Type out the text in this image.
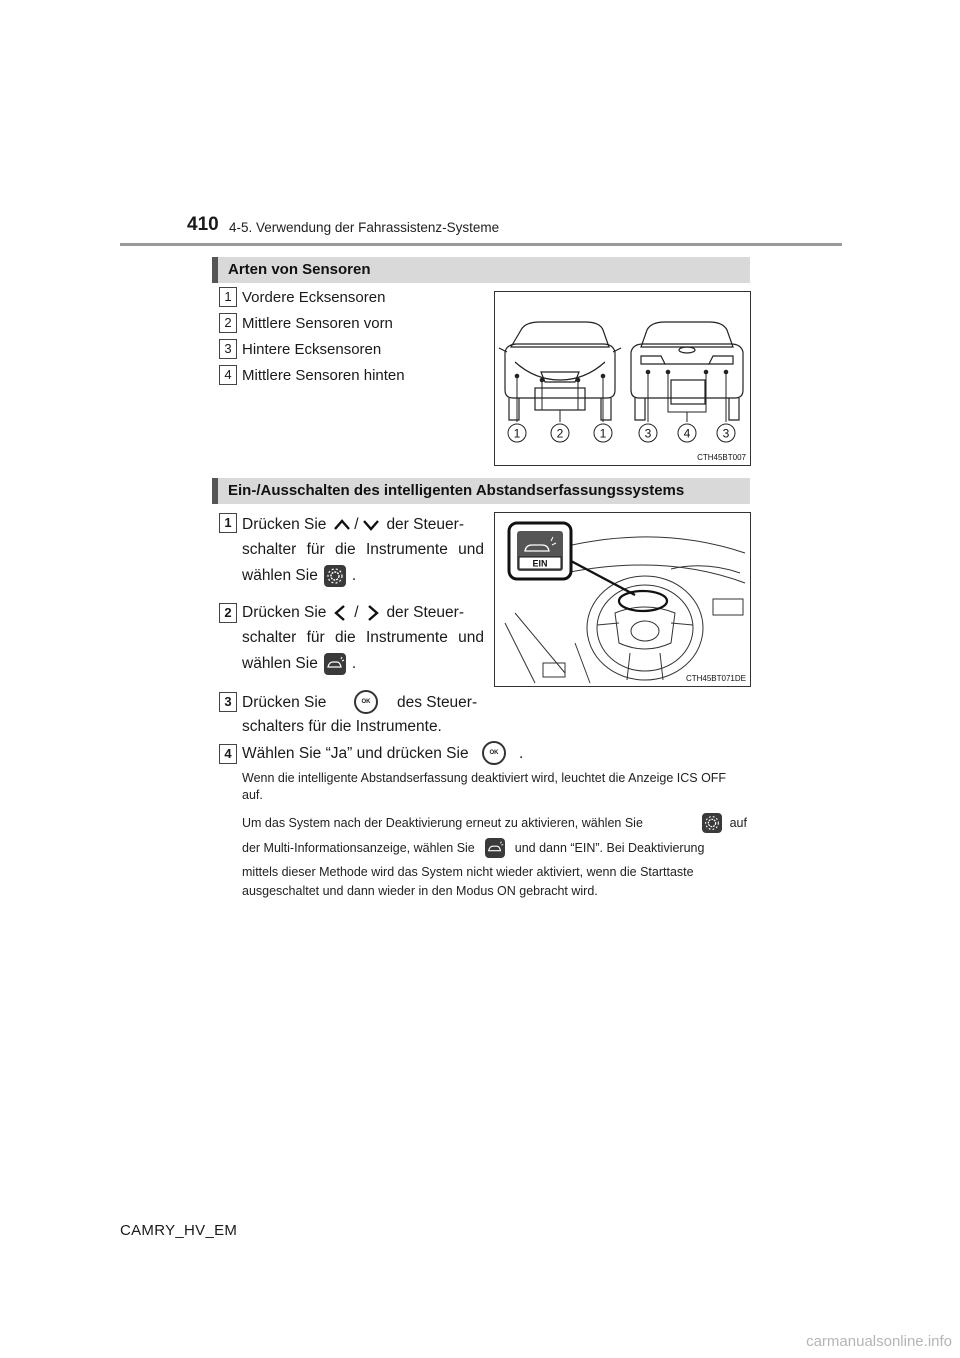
410 4-5. Verwendung der Fahrassistenz-Systeme
Arten von Sensoren
1 Vordere Ecksensoren
2 Mittlere Sensoren vorn
3 Hintere Ecksensoren
4 Mittlere Sensoren hinten
1	2	1	3	4	3
CTH45BT007
Ein-/Ausschalten des intelligenten Abstandserfassungssystems
1 Drücken Sie / der Steuer-
schalter für die Instrumente und
wählen Sie .
2 Drücken Sie / der Steuer-
schalter für die Instrumente und
wählen Sie .
3 Drücken Sie	OK	des Steuer-
schalters für die Instrumente.
4 Wählen Sie “Ja” und drücken Sie	OK	.
EIN
CTH45BT071DE
Wenn die intelligente Abstandserfassung deaktiviert wird, leuchtet die Anzeige ICS OFF auf.
Um das System nach der Deaktivierung erneut zu aktivieren, wählen Sie	auf
der Multi-Informationsanzeige, wählen Sie	und dann “EIN”. Bei Deaktivierung
mittels dieser Methode wird das System nicht wieder aktiviert, wenn die Starttaste
ausgeschaltet und dann wieder in den Modus ON gebracht wird.
CAMRY_HV_EM
carmanualsonline.info
